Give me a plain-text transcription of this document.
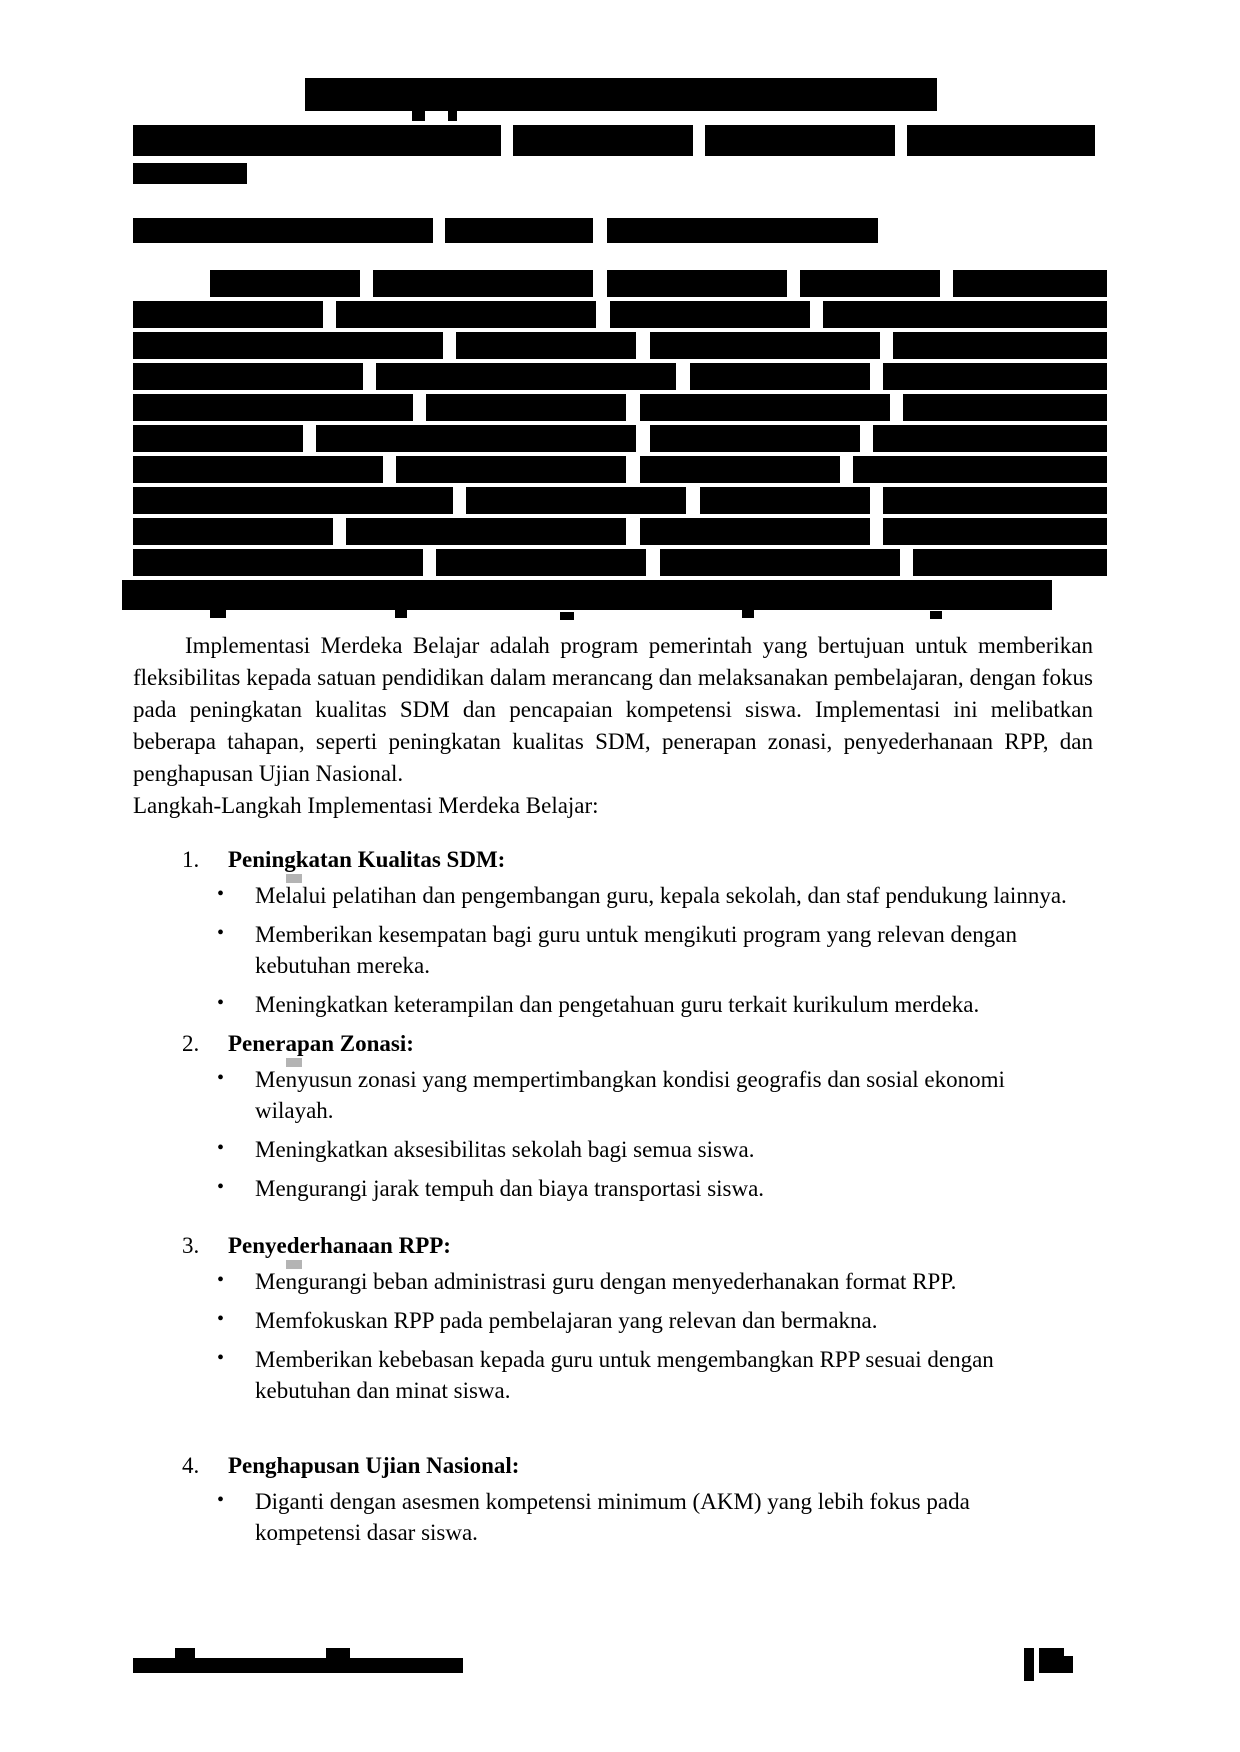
Implementasi Merdeka Belajar adalah program pemerintah yang bertujuan untuk memberikan fleksibilitas kepada satuan pendidikan dalam merancang dan melaksanakan pembelajaran, dengan fokus pada peningkatan kualitas SDM dan pencapaian kompetensi siswa. Implementasi ini melibatkan beberapa tahapan, seperti peningkatan kualitas SDM, penerapan zonasi, penyederhanaan RPP, dan penghapusan Ujian Nasional.

Langkah-Langkah Implementasi Merdeka Belajar:

1. Peningkatan Kualitas SDM:

• Melalui pelatihan dan pengembangan guru, kepala sekolah, dan staf pendukung lainnya.
• Memberikan kesempatan bagi guru untuk mengikuti program yang relevan dengan kebutuhan mereka.
• Meningkatkan keterampilan dan pengetahuan guru terkait kurikulum merdeka.

2. Penerapan Zonasi:

• Menyusun zonasi yang mempertimbangkan kondisi geografis dan sosial ekonomi wilayah.
• Meningkatkan aksesibilitas sekolah bagi semua siswa.
• Mengurangi jarak tempuh dan biaya transportasi siswa.

3. Penyederhanaan RPP:

• Mengurangi beban administrasi guru dengan menyederhanakan format RPP.
• Memfokuskan RPP pada pembelajaran yang relevan dan bermakna.
• Memberikan kebebasan kepada guru untuk mengembangkan RPP sesuai dengan kebutuhan dan minat siswa.

4. Penghapusan Ujian Nasional:

• Diganti dengan asesmen kompetensi minimum (AKM) yang lebih fokus pada kompetensi dasar siswa.
